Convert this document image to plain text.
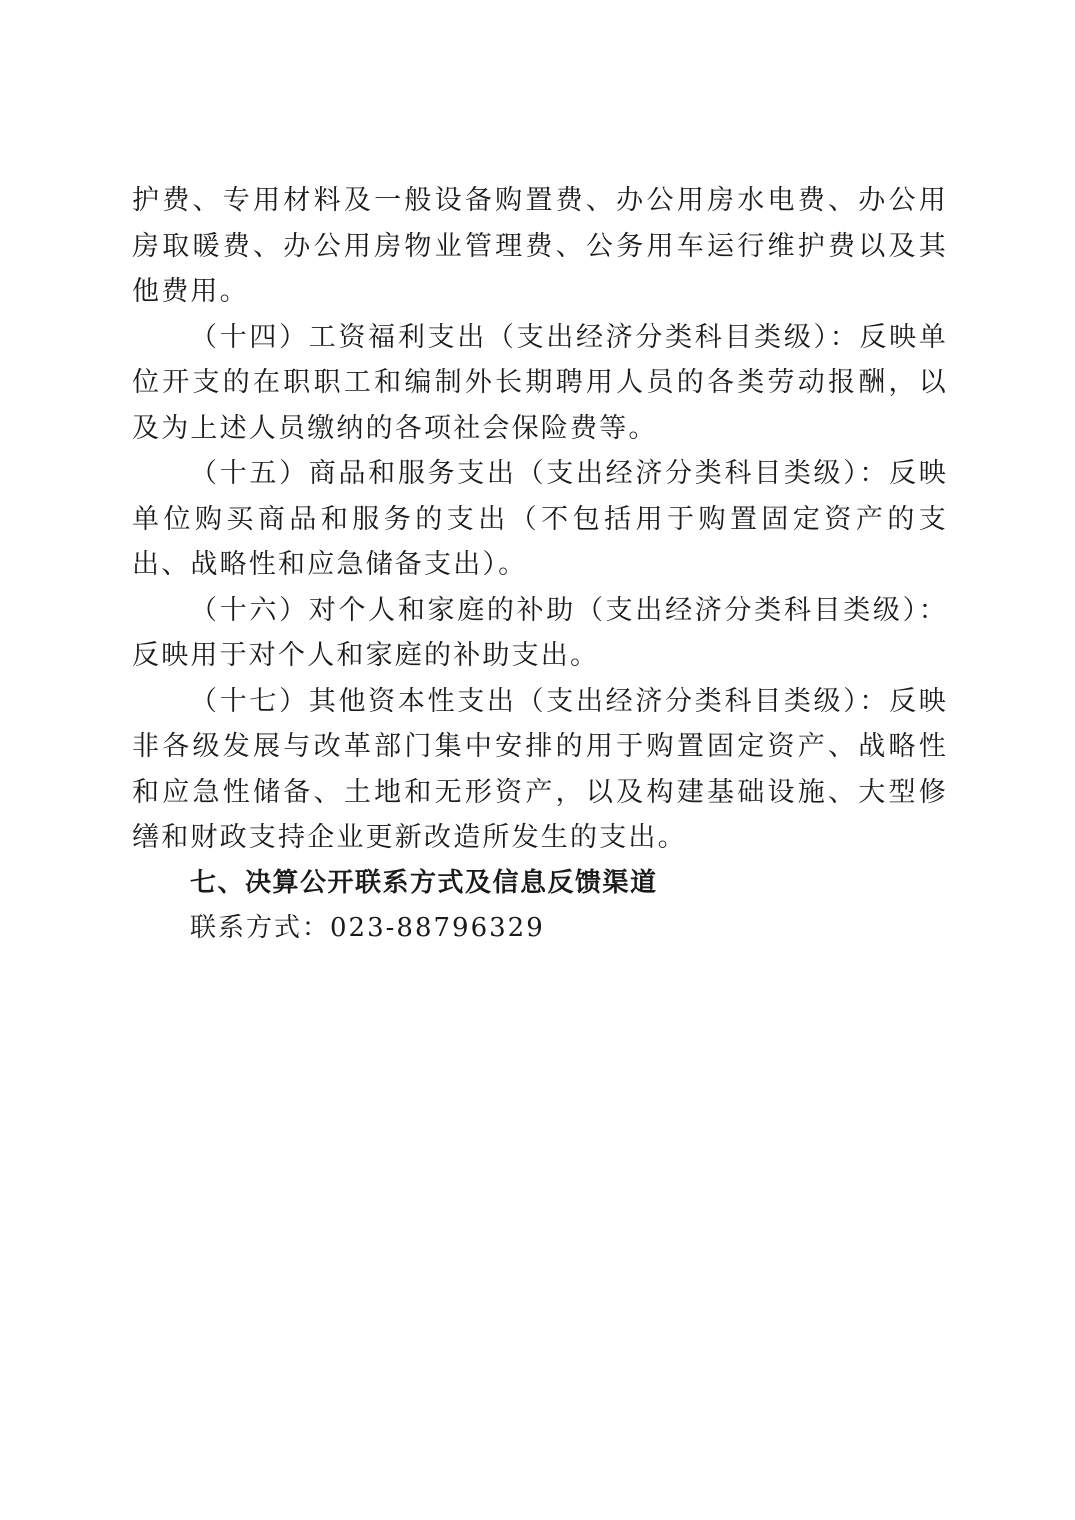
护费、专用材料及一般设备购置费、办公用房水电费、办公用房取暖费、办公用房物业管理费、公务用车运行维护费以及其他费用。

（十四）工资福利支出（支出经济分类科目类级）：反映单位开支的在职职工和编制外长期聘用人员的各类劳动报酬，以及为上述人员缴纳的各项社会保险费等。

（十五）商品和服务支出（支出经济分类科目类级）：反映单位购买商品和服务的支出（不包括用于购置固定资产的支出、战略性和应急储备支出）。

（十六）对个人和家庭的补助（支出经济分类科目类级）：反映用于对个人和家庭的补助支出。

（十七）其他资本性支出（支出经济分类科目类级）：反映非各级发展与改革部门集中安排的用于购置固定资产、战略性和应急性储备、土地和无形资产，以及构建基础设施、大型修缮和财政支持企业更新改造所发生的支出。

七、决算公开联系方式及信息反馈渠道

联系方式：023-88796329
